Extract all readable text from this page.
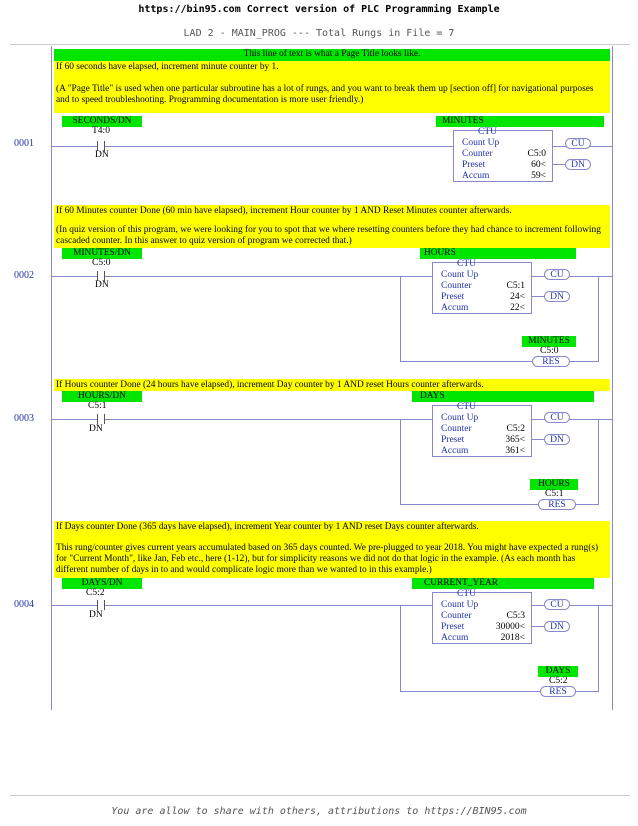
https://bin95.com Correct version of PLC Programming Example
LAD 2 - MAIN_PROG --- Total Rungs in File = 7
This line of text is what a Page Title looks like.
If 60 seconds have elapsed, increment minute counter by 1.
(A "Page Title" is used when one particular subroutine has a lot of rungs, and you want to break them up [section off] for navigational purposes and to speed troubleshooting. Programming documentation is more user friendly.)
0001
SECONDS/DN
T4:0
DN
MINUTES
CTU
Count Up
Counter
Preset
Accum
C5:0
60<
59<
CU
DN
If 60 Minutes counter Done (60 min have elapsed), increment Hour counter by 1 AND Reset Minutes counter afterwards.
(In quiz version of this program, we were looking for you to spot that we where resetting counters before they had chance to increment following cascaded counter. In this answer to quiz version of program we corrected that.)
0002
MINUTES/DN
C5:0
DN
HOURS
CTU
Count Up
Counter
Preset
Accum
C5:1
24<
22<
CU
DN
MINUTES
C5:0
RES
If Hours counter Done (24 hours have elapsed), increment Day counter by 1 AND reset Hours counter afterwards.
0003
HOURS/DN
C5:1
DN
DAYS
CTU
Count Up
Counter
Preset
Accum
C5:2
365<
361<
CU
DN
HOURS
C5:1
RES
If Days counter Done (365 days have elapsed), increment Year counter by 1 AND reset Days counter afterwards.
This rung/counter gives current years accumulated based on 365 days counted. We pre-plugged to year 2018. You might have expected a rung(s) for "Current Month", like Jan, Feb etc., here (1-12), but for simplicity reasons we did not do that logic in the example. (As each month has different number of days in to and would complicate logic more than we wanted to in this example.)
0004
DAYS/DN
C5:2
DN
CURRENT_YEAR
CTU
Count Up
Counter
Preset
Accum
C5:3
30000<
2018<
CU
DN
DAYS
C5:2
RES
You are allow to share with others, attributions to https://BIN95.com
